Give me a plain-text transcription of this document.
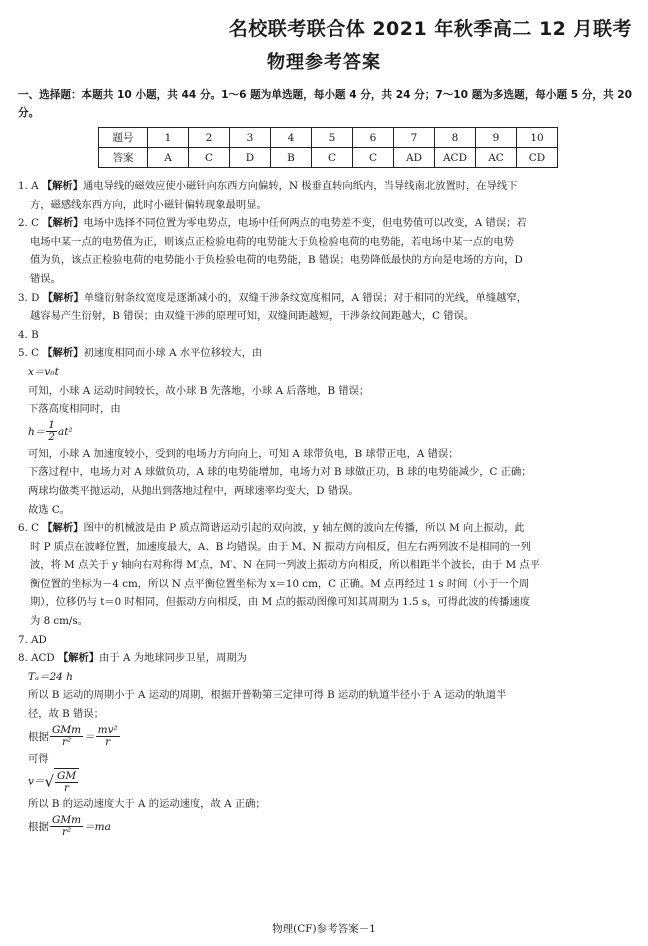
名校联考联合体 2021 年秋季高二 12 月联考
物理参考答案
一、选择题：本题共 10 小题，共 44 分。1～6 题为单选题，每小题 4 分，共 24 分；7～10 题为多选题，每小题 5 分，共 20 分。
题号	1	2	3	4	5	6	7	8	9	10
答案	A	C	D	B	C	C	AD	ACD	AC	CD

1. A 【解析】通电导线的磁效应使小磁针向东西方向偏转，N 极垂直转向纸内，当导线南北放置时，在导线下

方，磁感线东西方向，此时小磁针偏转现象最明显。

2. C 【解析】电场中选择不同位置为零电势点，电场中任何两点的电势差不变，但电势值可以改变，A 错误；若

电场中某一点的电势值为正，则该点正检验电荷的电势能大于负检验电荷的电势能，若电场中某一点的电势

值为负，该点正检验电荷的电势能小于负检验电荷的电势能，B 错误；电势降低最快的方向是电场的方向，D

错误。

3. D 【解析】单缝衍射条纹宽度是逐渐减小的，双缝干涉条纹宽度相同，A 错误；对于相同的光线，单缝越窄，

越容易产生衍射，B 错误；由双缝干涉的原理可知，双缝间距越短，干涉条纹间距越大，C 错误。

4. B

5. C 【解析】初速度相同而小球 A 水平位移较大，由

x＝v₀t

可知，小球 A 运动时间较长，故小球 B 先落地，小球 A 后落地，B 错误；

下落高度相同时，由

$h= \frac{1}{2} at^2$

可知，小球 A 加速度较小，受到的电场力方向向上，可知 A 球带负电，B 球带正电，A 错误；

下落过程中，电场力对 A 球做负功，A 球的电势能增加，电场力对 B 球做正功，B 球的电势能减少，C 正确；

两球均做类平抛运动，从抛出到落地过程中，两球速率均变大，D 错误。

故选 C。

6. C 【解析】图中的机械波是由 P 质点简谐运动引起的双向波，y 轴左侧的波向左传播，所以 M 向上振动，此

时 P 质点在波峰位置，加速度最大，A、B 均错误。由于 M、N 振动方向相反，但左右两列波不是相同的一列

波，将 M 点关于 y 轴向右对称得 M′点，M′、N 在同一列波上振动方向相反，所以相距半个波长，由于 M 点平

衡位置的坐标为－4 cm，所以 N 点平衡位置坐标为 x＝10 cm，C 正确。M 点再经过 1 s 时间（小于一个周

期），位移仍与 t＝0 时相同，但振动方向相反，由 M 点的振动图像可知其周期为 1.5 s，可得此波的传播速度

为 8 cm/s。

7. AD

8. ACD 【解析】由于 A 为地球同步卫星，周期为

Tₐ＝24 h

所以 B 运动的周期小于 A 运动的周期，根据开普勒第三定律可得 B 运动的轨道半径小于 A 运动的轨道半

径，故 B 错误；

根据 $\frac{\text{GMm}}{\text{r²}} = \frac{\text{mv²}}{r}$

可得

$v=√ \frac{GM}{r}$

所以 B 的运动速度大于 A 的运动速度，故 A 正确；

根据 $\frac{\text{GMm}}{\text{r²}} =ma$

物理(CF)参考答案－1
